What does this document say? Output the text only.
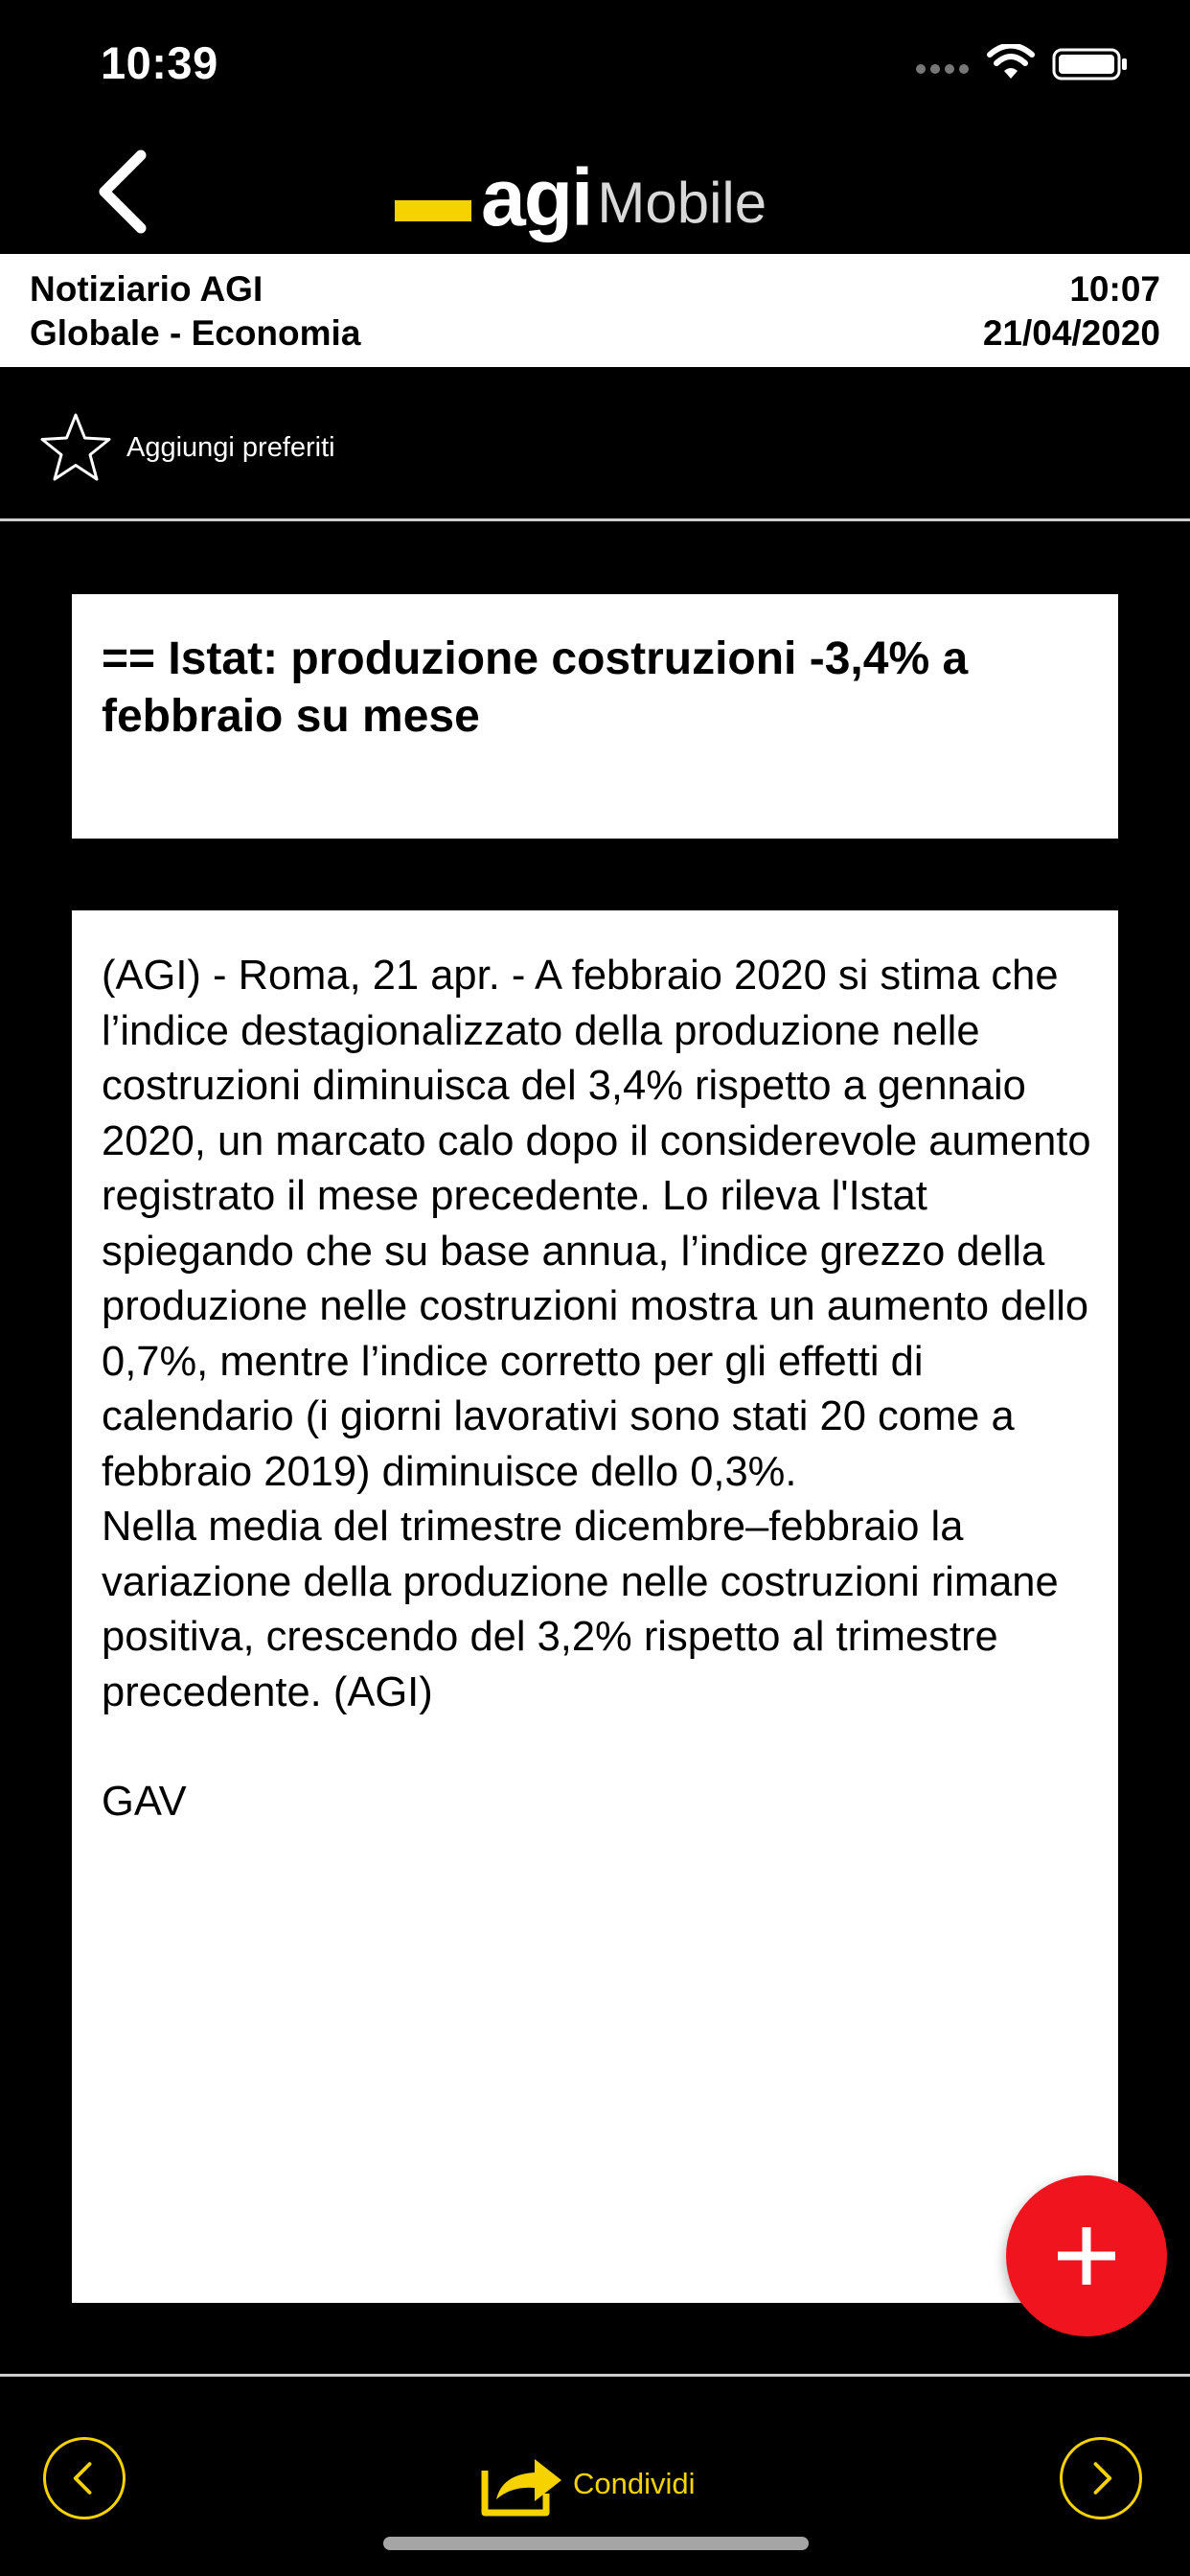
10:39
agi Mobile
Notiziario AGI
Globale - Economia
10:07
21/04/2020
Aggiungi preferiti

== Istat: produzione costruzioni -3,4% a febbraio su mese

(AGI) - Roma, 21 apr. - A febbraio 2020 si stima che l’indice destagionalizzato della produzione nelle costruzioni diminuisca del 3,4% rispetto a gennaio 2020, un marcato calo dopo il considerevole aumento registrato il mese precedente. Lo rileva l'Istat spiegando che su base annua, l’indice grezzo della produzione nelle costruzioni mostra un aumento dello 0,7%, mentre l’indice corretto per gli effetti di calendario (i giorni lavorativi sono stati 20 come a febbraio 2019) diminuisce dello 0,3%.
Nella media del trimestre dicembre–febbraio la variazione della produzione nelle costruzioni rimane positiva, crescendo del 3,2% rispetto al trimestre precedente. (AGI)

GAV
Condividi
